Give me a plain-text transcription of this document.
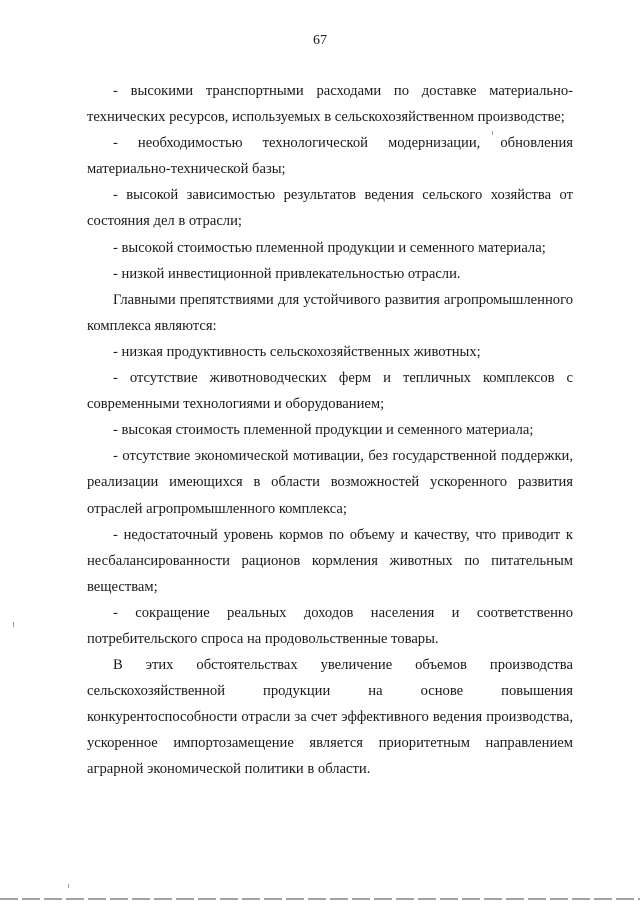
67

- высокими транспортными расходами по доставке материально-технических ресурсов, используемых в сельскохозяйственном производстве;

- необходимостью технологической модернизации, обновления материально-технической базы;

- высокой зависимостью результатов ведения сельского хозяйства от состояния дел в отрасли;

- высокой стоимостью племенной продукции и семенного материала;

- низкой инвестиционной привлекательностью отрасли.

Главными препятствиями для устойчивого развития агропромышленного комплекса являются:

- низкая продуктивность сельскохозяйственных животных;

- отсутствие животноводческих ферм и тепличных комплексов с современными технологиями и оборудованием;

- высокая стоимость племенной продукции и семенного материала;

- отсутствие экономической мотивации, без государственной поддержки, реализации имеющихся в области возможностей ускоренного развития отраслей агропромышленного комплекса;

- недостаточный уровень кормов по объему и качеству, что приводит к несбалансированности рационов кормления животных по питательным веществам;

- сокращение реальных доходов населения и соответственно потребительского спроса на продовольственные товары.

В этих обстоятельствах увеличение объемов производства сельскохозяйственной продукции на основе повышения конкурентоспособности отрасли за счет эффективного ведения производства, ускоренное импортозамещение является приоритетным направлением аграрной экономической политики в области.
